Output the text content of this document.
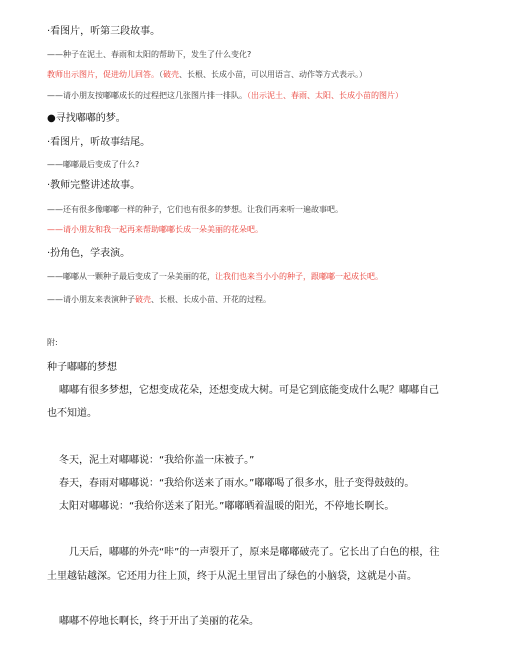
·看图片，听第三段故事。
——种子在泥土、春雨和太阳的帮助下，发生了什么变化?
教师出示图片，促进幼儿回答。（破壳、长根、长成小苗，可以用语言、动作等方式表示。）
——请小朋友按嘟嘟成长的过程把这几张图片排一排队。（出示泥土、春雨、太阳、长成小苗的图片）
●寻找嘟嘟的梦。
·看图片，听故事结尾。
——嘟嘟最后变成了什么?
·教师完整讲述故事。
——还有很多像嘟嘟一样的种子，它们也有很多的梦想。让我们再来听一遍故事吧。
——请小朋友和我一起再来帮助嘟嘟长成一朵美丽的花朵吧。
·扮角色，学表演。
——嘟嘟从一颗种子最后变成了一朵美丽的花，让我们也来当小小的种子，跟嘟嘟一起成长吧。
——请小朋友来表演种子破壳、长根、长成小苗、开花的过程。
附:
种子嘟嘟的梦想
嘟嘟有很多梦想，它想变成花朵，还想变成大树。可是它到底能变成什么呢？嘟嘟自己
也不知道。
冬天，泥土对嘟嘟说：“我给你盖一床被子。”
春天，春雨对嘟嘟说：“我给你送来了雨水。”嘟嘟喝了很多水，肚子变得鼓鼓的。
太阳对嘟嘟说：“我给你送来了阳光。”嘟嘟晒着温暖的阳光，不停地长啊长。
几天后，嘟嘟的外壳“咔”的一声裂开了，原来是嘟嘟破壳了。它长出了白色的根，往
土里越钻越深。它还用力往上顶，终于从泥土里冒出了绿色的小脑袋，这就是小苗。
嘟嘟不停地长啊长，终于开出了美丽的花朵。
